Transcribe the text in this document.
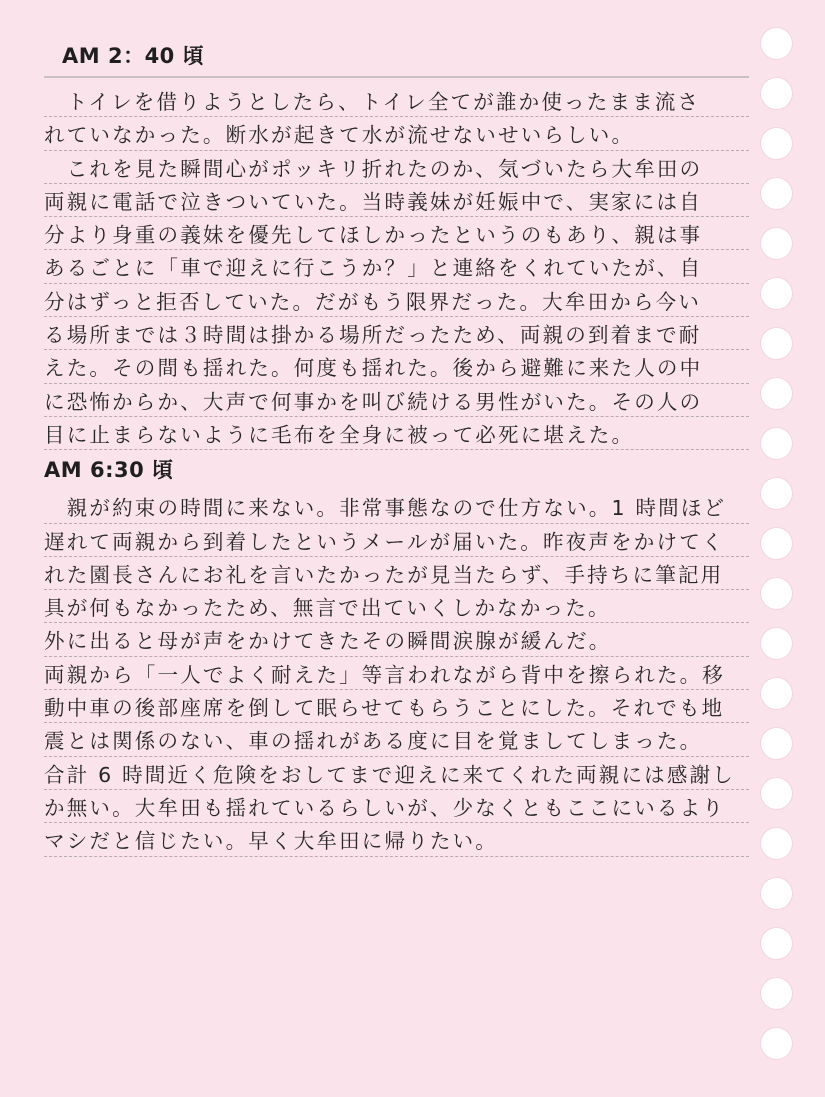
AM 2：40 頃
　トイレを借りようとしたら、トイレ全てが誰か使ったまま流さ
れていなかった。断水が起きて水が流せないせいらしい。
　これを見た瞬間心がポッキリ折れたのか、気づいたら大牟田の
両親に電話で泣きついていた。当時義妹が妊娠中で、実家には自
分より身重の義妹を優先してほしかったというのもあり、親は事
あるごとに「車で迎えに行こうか？」と連絡をくれていたが、自
分はずっと拒否していた。だがもう限界だった。大牟田から今い
る場所までは３時間は掛かる場所だったため、両親の到着まで耐
えた。その間も揺れた。何度も揺れた。後から避難に来た人の中
に恐怖からか、大声で何事かを叫び続ける男性がいた。その人の
目に止まらないように毛布を全身に被って必死に堪えた。
AM 6:30 頃
　親が約束の時間に来ない。非常事態なので仕方ない。1 時間ほど
遅れて両親から到着したというメールが届いた。昨夜声をかけてく
れた園長さんにお礼を言いたかったが見当たらず、手持ちに筆記用
具が何もなかったため、無言で出ていくしかなかった。
外に出ると母が声をかけてきたその瞬間涙腺が緩んだ。
両親から「一人でよく耐えた」等言われながら背中を擦られた。移
動中車の後部座席を倒して眠らせてもらうことにした。それでも地
震とは関係のない、車の揺れがある度に目を覚ましてしまった。
合計 6 時間近く危険をおしてまで迎えに来てくれた両親には感謝し
か無い。大牟田も揺れているらしいが、少なくともここにいるより
マシだと信じたい。早く大牟田に帰りたい。
